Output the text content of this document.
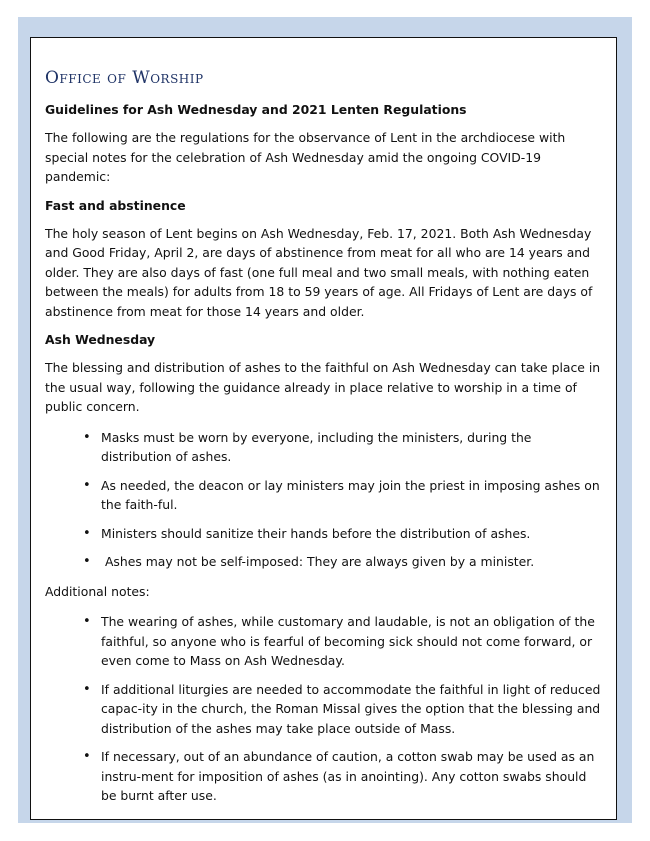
Office of Worship
Guidelines for Ash Wednesday and 2021 Lenten Regulations
The following are the regulations for the observance of Lent in the archdiocese with special notes for the celebration of Ash Wednesday amid the ongoing COVID-19 pandemic:
Fast and abstinence
The holy season of Lent begins on Ash Wednesday, Feb. 17, 2021. Both Ash Wednesday and Good Friday, April 2, are days of abstinence from meat for all who are 14 years and older. They are also days of fast (one full meal and two small meals, with nothing eaten between the meals) for adults from 18 to 59 years of age. All Fridays of Lent are days of abstinence from meat for those 14 years and older.
Ash Wednesday
The blessing and distribution of ashes to the faithful on Ash Wednesday can take place in the usual way, following the guidance already in place relative to worship in a time of public concern.
• Masks must be worn by everyone, including the ministers, during the distribution of ashes.
• As needed, the deacon or lay ministers may join the priest in imposing ashes on the faith-ful.
• Ministers should sanitize their hands before the distribution of ashes.
• Ashes may not be self-imposed: They are always given by a minister.
Additional notes:
• The wearing of ashes, while customary and laudable, is not an obligation of the faithful, so anyone who is fearful of becoming sick should not come forward, or even come to Mass on Ash Wednesday.
• If additional liturgies are needed to accommodate the faithful in light of reduced capac-ity in the church, the Roman Missal gives the option that the blessing and distribution of the ashes may take place outside of Mass.
• If necessary, out of an abundance of caution, a cotton swab may be used as an instru-ment for imposition of ashes (as in anointing). Any cotton swabs should be burnt after use.
